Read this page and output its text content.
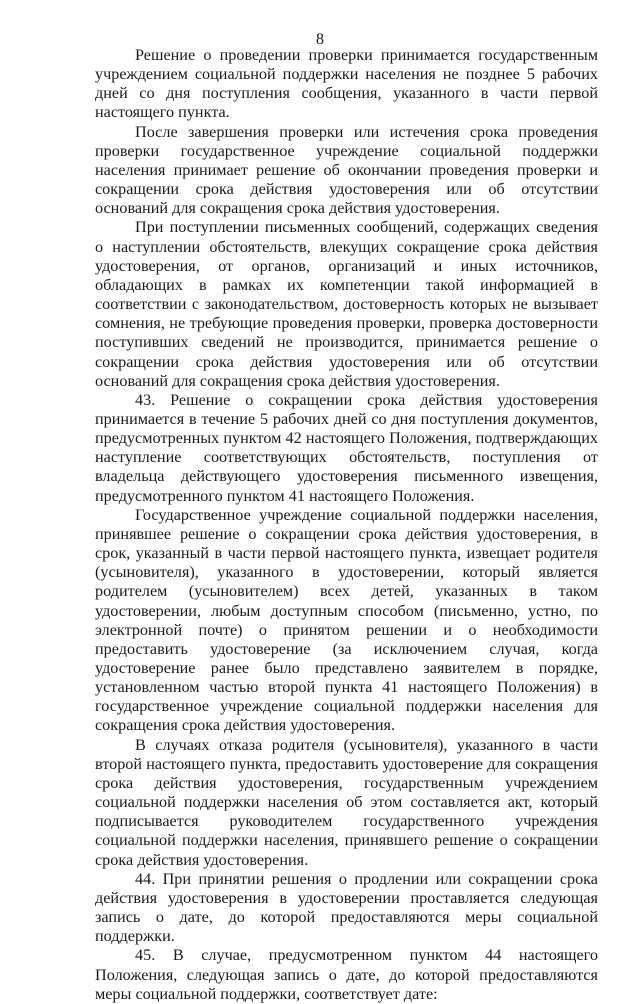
8

Решение о проведении проверки принимается государственным учреждением социальной поддержки населения не позднее 5 рабочих дней со дня поступления сообщения, указанного в части первой настоящего пункта.

После завершения проверки или истечения срока проведения проверки государственное учреждение социальной поддержки населения принимает решение об окончании проведения проверки и сокращении срока действия удостоверения или об отсутствии оснований для сокращения срока действия удостоверения.

При поступлении письменных сообщений, содержащих сведения о наступлении обстоятельств, влекущих сокращение срока действия удостоверения, от органов, организаций и иных источников, обладающих в рамках их компетенции такой информацией в соответствии с законодательством, достоверность которых не вызывает сомнения, не требующие проведения проверки, проверка достоверности поступивших сведений не производится, принимается решение о сокращении срока действия удостоверения или об отсутствии оснований для сокращения срока действия удостоверения.

43. Решение о сокращении срока действия удостоверения принимается в течение 5 рабочих дней со дня поступления документов, предусмотренных пунктом 42 настоящего Положения, подтверждающих наступление соответствующих обстоятельств, поступления от владельца действующего удостоверения письменного извещения, предусмотренного пунктом 41 настоящего Положения.

Государственное учреждение социальной поддержки населения, принявшее решение о сокращении срока действия удостоверения, в срок, указанный в части первой настоящего пункта, извещает родителя (усыновителя), указанного в удостоверении, который является родителем (усыновителем) всех детей, указанных в таком удостоверении, любым доступным способом (письменно, устно, по электронной почте) о принятом решении и о необходимости предоставить удостоверение (за исключением случая, когда удостоверение ранее было представлено заявителем в порядке, установленном частью второй пункта 41 настоящего Положения) в государственное учреждение социальной поддержки населения для сокращения срока действия удостоверения.

В случаях отказа родителя (усыновителя), указанного в части второй настоящего пункта, предоставить удостоверение для сокращения срока действия удостоверения, государственным учреждением социальной поддержки населения об этом составляется акт, который подписывается руководителем государственного учреждения социальной поддержки населения, принявшего решение о сокращении срока действия удостоверения.

44. При принятии решения о продлении или сокращении срока действия удостоверения в удостоверении проставляется следующая запись о дате, до которой предоставляются меры социальной поддержки.

45. В случае, предусмотренном пунктом 44 настоящего Положения, следующая запись о дате, до которой предоставляются меры социальной поддержки, соответствует дате:
